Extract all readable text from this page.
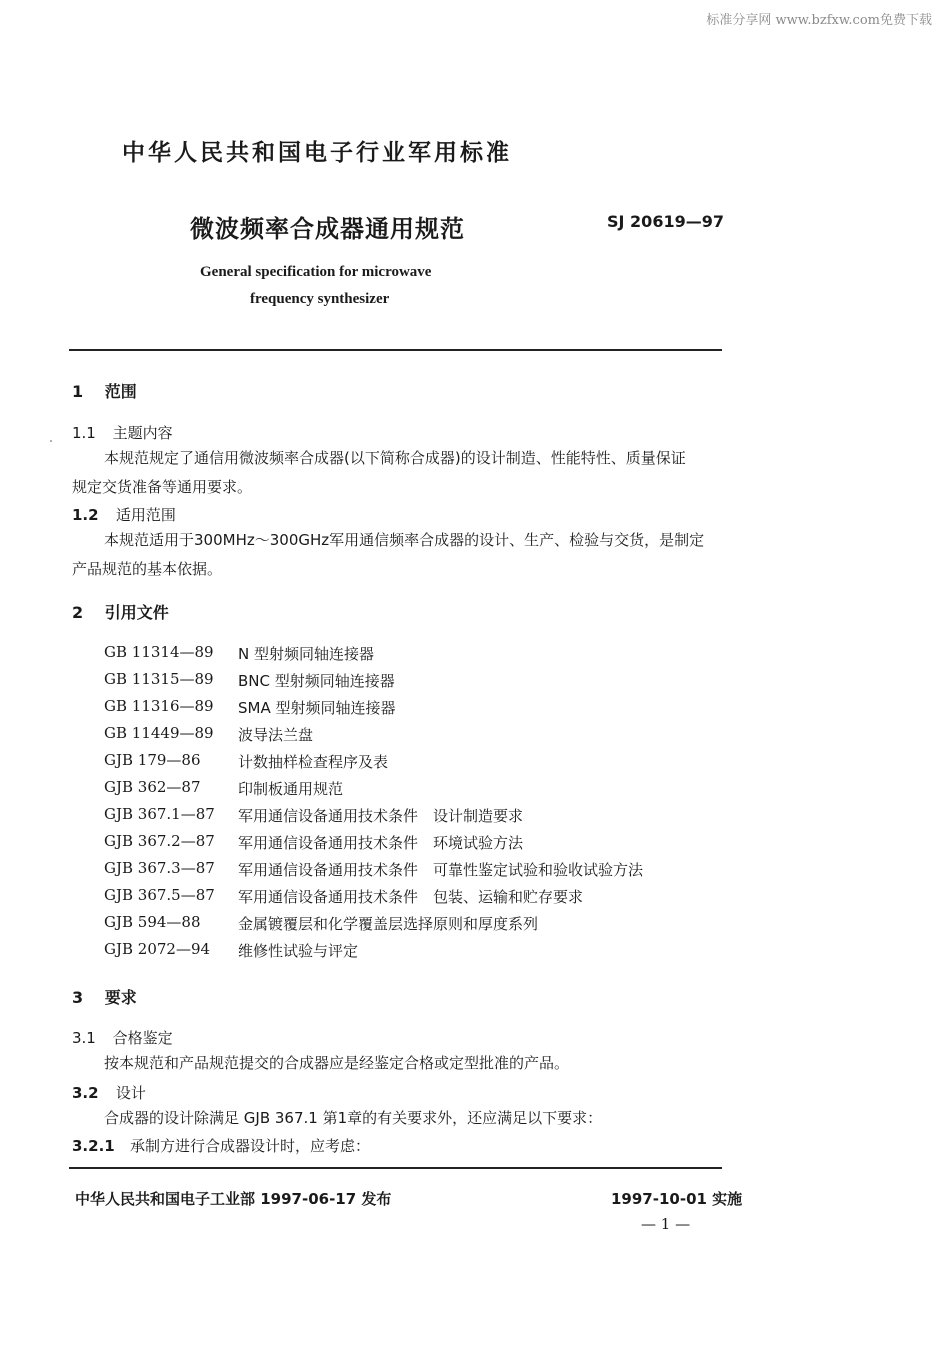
标准分享网 www.bzfxw.com免费下载
中华人民共和国电子行业军用标准
微波频率合成器通用规范	SJ 20619—97
General specification for microwave
frequency synthesizer
1 范围
1.1 主题内容
本规范规定了通信用微波频率合成器(以下简称合成器)的设计制造、性能特性、质量保证
规定交货准备等通用要求。
1.2 适用范围
本规范适用于300MHz～300GHz军用通信频率合成器的设计、生产、检验与交货，是制定
产品规范的基本依据。
2 引用文件
GB 11314—89 N 型射频同轴连接器
GB 11315—89 BNC 型射频同轴连接器
GB 11316—89 SMA 型射频同轴连接器
GB 11449—89 波导法兰盘
GJB 179—86 计数抽样检查程序及表
GJB 362—87 印制板通用规范
GJB 367.1—87 军用通信设备通用技术条件　设计制造要求
GJB 367.2—87 军用通信设备通用技术条件　环境试验方法
GJB 367.3—87 军用通信设备通用技术条件　可靠性鉴定试验和验收试验方法
GJB 367.5—87 军用通信设备通用技术条件　包装、运输和贮存要求
GJB 594—88 金属镀覆层和化学覆盖层选择原则和厚度系列
GJB 2072—94 维修性试验与评定
3 要求
3.1 合格鉴定
按本规范和产品规范提交的合成器应是经鉴定合格或定型批准的产品。
3.2 设计
合成器的设计除满足 GJB 367.1 第1章的有关要求外，还应满足以下要求：
3.2.1 承制方进行合成器设计时，应考虑：
中华人民共和国电子工业部 1997-06-17 发布	1997-10-01 实施
— 1 —
